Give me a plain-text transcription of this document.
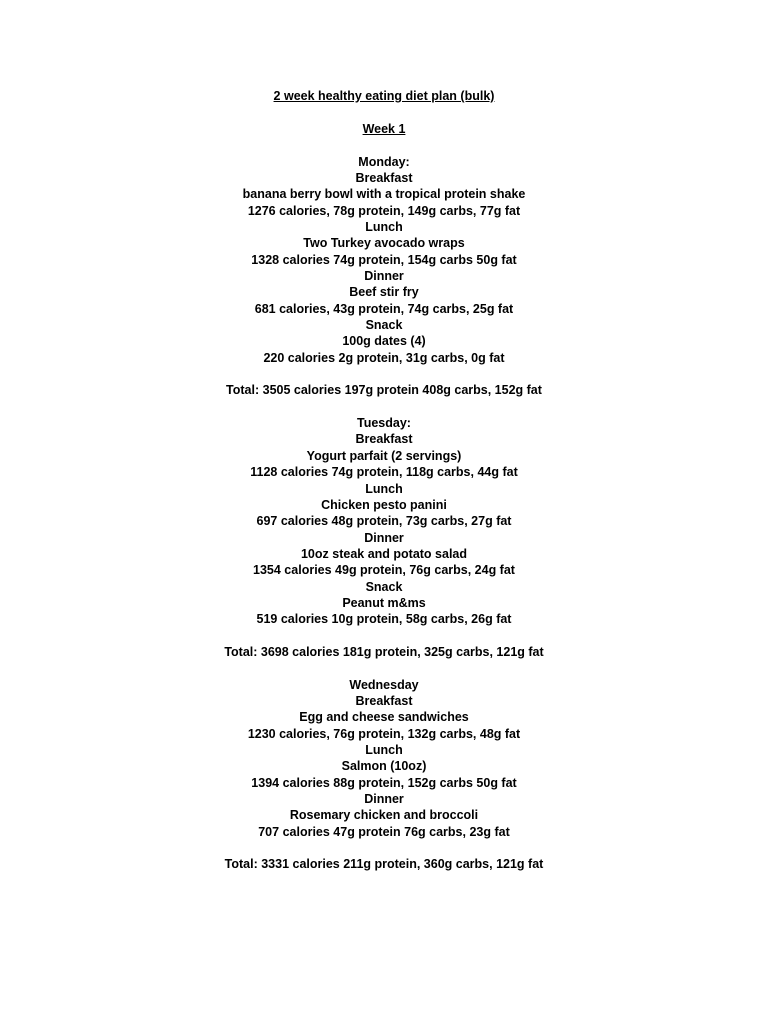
2 week healthy eating diet plan (bulk)
Week 1
Monday:
Breakfast
banana berry bowl with a tropical protein shake
1276 calories, 78g protein, 149g carbs, 77g fat
Lunch
Two Turkey avocado wraps
1328 calories 74g protein, 154g carbs 50g fat
Dinner
Beef stir fry
681 calories, 43g protein, 74g carbs, 25g fat
Snack
100g dates (4)
220 calories 2g protein, 31g carbs, 0g fat
Total: 3505 calories 197g protein 408g carbs, 152g fat
Tuesday:
Breakfast
Yogurt parfait (2 servings)
1128 calories 74g protein, 118g carbs, 44g fat
Lunch
Chicken pesto panini
697 calories 48g protein, 73g carbs, 27g fat
Dinner
10oz steak and potato salad
1354 calories 49g protein, 76g carbs, 24g fat
Snack
Peanut m&ms
519 calories 10g protein, 58g carbs, 26g fat
Total: 3698 calories 181g protein, 325g carbs, 121g fat
Wednesday
Breakfast
Egg and cheese sandwiches
1230 calories, 76g protein, 132g carbs, 48g fat
Lunch
Salmon (10oz)
1394 calories 88g protein, 152g carbs 50g fat
Dinner
Rosemary chicken and broccoli
707 calories 47g protein 76g carbs, 23g fat
Total: 3331 calories 211g protein, 360g carbs, 121g fat
